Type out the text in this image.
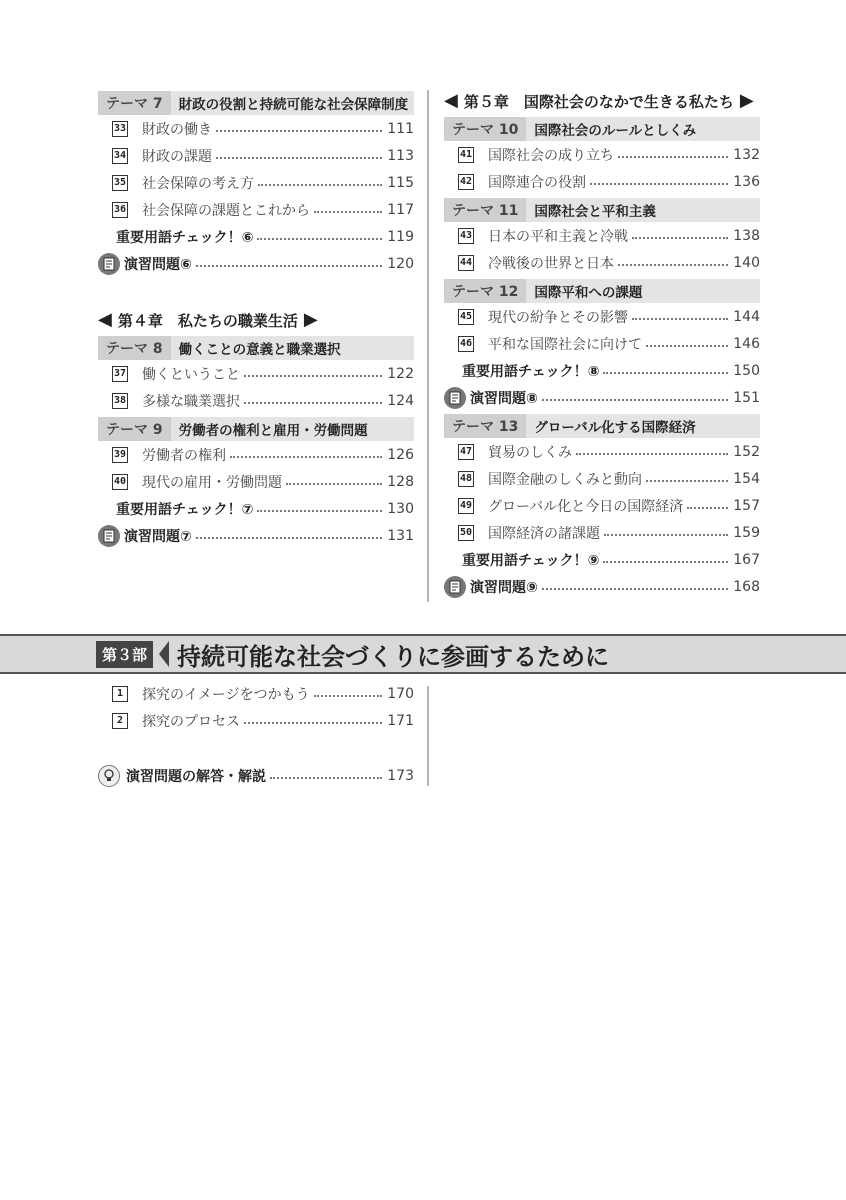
テーマ 7	財政の役割と持続可能な社会保障制度
33 財政の働き	111
34 財政の課題	113
35 社会保障の考え方	115
36 社会保障の課題とこれから	117
重要用語チェック！⑥	119
演習問題⑥	120
◀ 第４章　私たちの職業生活 ▶
テーマ 8	働くことの意義と職業選択
37 働くということ	122
38 多様な職業選択	124
テーマ 9	労働者の権利と雇用・労働問題
39 労働者の権利	126
40 現代の雇用・労働問題	128
重要用語チェック！⑦	130
演習問題⑦	131
◀ 第５章　国際社会のなかで生きる私たち ▶
テーマ 10	国際社会のルールとしくみ
41 国際社会の成り立ち	132
42 国際連合の役割	136
テーマ 11	国際社会と平和主義
43 日本の平和主義と冷戦	138
44 冷戦後の世界と日本	140
テーマ 12	国際平和への課題
45 現代の紛争とその影響	144
46 平和な国際社会に向けて	146
重要用語チェック！⑧	150
演習問題⑧	151
テーマ 13	グローバル化する国際経済
47 貿易のしくみ	152
48 国際金融のしくみと動向	154
49 グローバル化と今日の国際経済	157
50 国際経済の諸課題	159
重要用語チェック！⑨	167
演習問題⑨	168
第３部 持続可能な社会づくりに参画するために
1	探究のイメージをつかもう	170
2	探究のプロセス	171
演習問題の解答・解説	173
